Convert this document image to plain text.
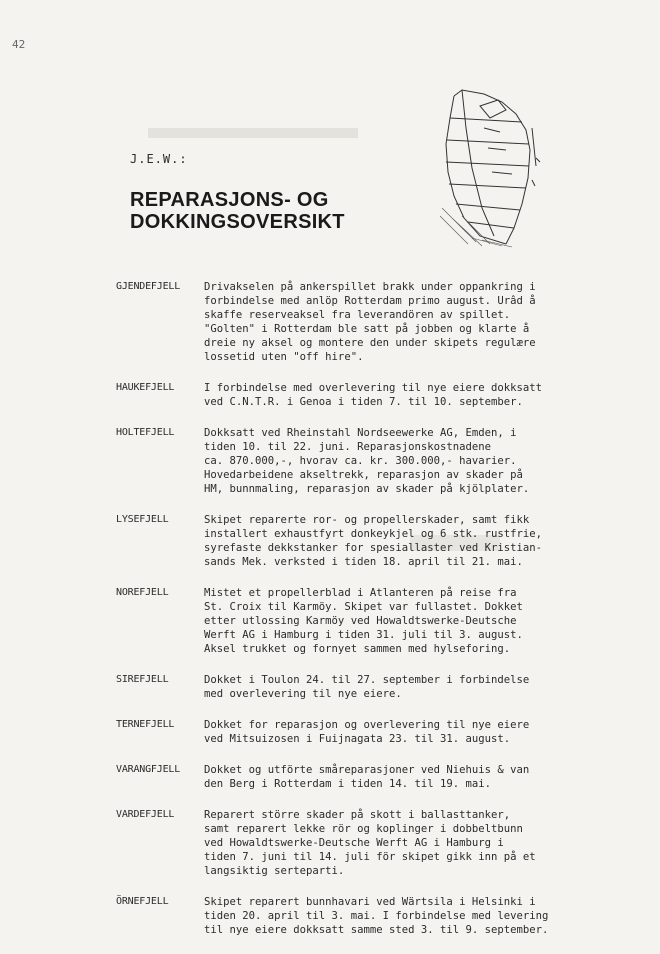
42
J.E.W.:
REPARASJONS- OG
DOKKINGSOVERSIKT
GJENDEFJELL	Drivakselen på ankerspillet brakk under oppankring i
forbindelse med anlöp Rotterdam primo august. Urâd å
skaffe reserveaksel fra leverandören av spillet.
"Golten" i Rotterdam ble satt på jobben og klarte å
dreie ny aksel og montere den under skipets regulære
lossetid uten "off hire".
HAUKEFJELL	I forbindelse med overlevering til nye eiere dokksatt
ved C.N.T.R. i Genoa i tiden 7. til 10. september.
HOLTEFJELL	Dokksatt ved Rheinstahl Nordseewerke AG, Emden, i
tiden 10. til 22. juni. Reparasjonskostnadene
ca. 870.000,-, hvorav ca. kr. 300.000,- havarier.
Hovedarbeidene akseltrekk, reparasjon av skader på
HM, bunnmaling, reparasjon av skader på kjölplater.
LYSEFJELL	Skipet reparerte ror- og propellerskader, samt fikk
installert exhaustfyrt donkeykjel og 6 stk. rustfrie,
syrefaste dekkstanker for spesiallaster ved Kristian-
sands Mek. verksted i tiden 18. april til 21. mai.
NOREFJELL	Mistet et propellerblad i Atlanteren på reise fra
St. Croix til Karmöy. Skipet var fullastet. Dokket
etter utlossing Karmöy ved Howaldtswerke-Deutsche
Werft AG i Hamburg i tiden 31. juli til 3. august.
Aksel trukket og fornyet sammen med hylseforing.
SIREFJELL	Dokket i Toulon 24. til 27. september i forbindelse
med overlevering til nye eiere.
TERNEFJELL	Dokket for reparasjon og overlevering til nye eiere
ved Mitsuizosen i Fuijnagata 23. til 31. august.
VARANGFJELL	Dokket og utförte småreparasjoner ved Niehuis & van
den Berg i Rotterdam i tiden 14. til 19. mai.
VARDEFJELL	Reparert större skader på skott i ballasttanker,
samt reparert lekke rör og koplinger i dobbeltbunn
ved Howaldtswerke-Deutsche Werft AG i Hamburg i
tiden 7. juni til 14. juli för skipet gikk inn på et
langsiktig serteparti.
ÖRNEFJELL	Skipet reparert bunnhavari ved Wärtsila i Helsinki i
tiden 20. april til 3. mai. I forbindelse med levering
til nye eiere dokksatt samme sted 3. til 9. september.
